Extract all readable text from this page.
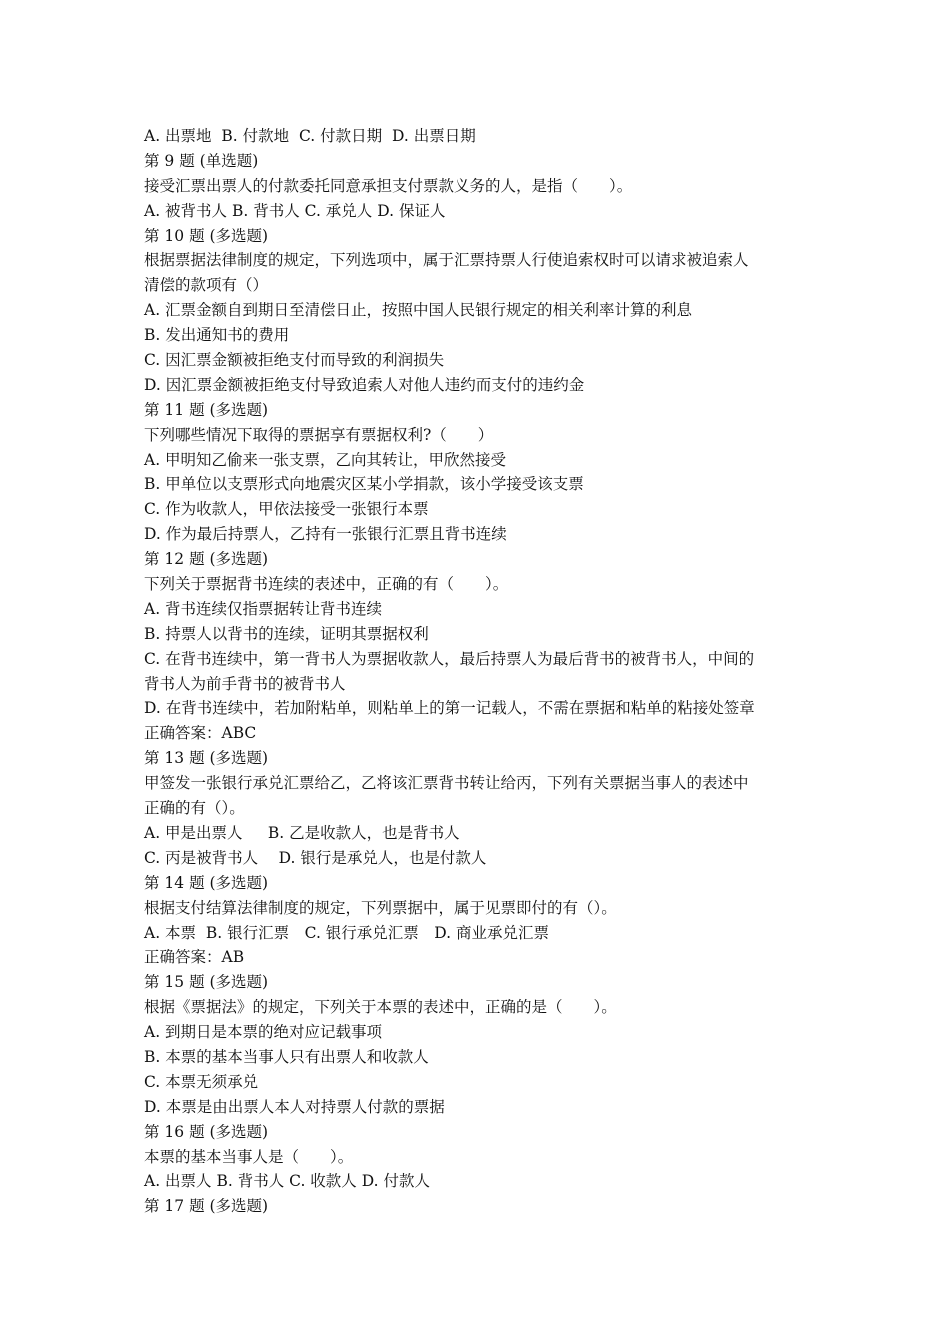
A. 出票地  B. 付款地  C. 付款日期  D. 出票日期
第 9 题 (单选题)
接受汇票出票人的付款委托同意承担支付票款义务的人，是指（　　）。
A. 被背书人 B. 背书人 C. 承兑人 D. 保证人
第 10 题 (多选题)
根据票据法律制度的规定，下列选项中，属于汇票持票人行使追索权时可以请求被追索人
清偿的款项有（）
A. 汇票金额自到期日至清偿日止，按照中国人民银行规定的相关利率计算的利息
B. 发出通知书的费用
C. 因汇票金额被拒绝支付而导致的利润损失
D. 因汇票金额被拒绝支付导致追索人对他人违约而支付的违约金
第 11 题 (多选题)
下列哪些情况下取得的票据享有票据权利?（　　）
A. 甲明知乙偷来一张支票，乙向其转让，甲欣然接受
B. 甲单位以支票形式向地震灾区某小学捐款，该小学接受该支票
C. 作为收款人，甲依法接受一张银行本票
D. 作为最后持票人，乙持有一张银行汇票且背书连续
第 12 题 (多选题)
下列关于票据背书连续的表述中，正确的有（　　）。
A. 背书连续仅指票据转让背书连续
B. 持票人以背书的连续，证明其票据权利
C. 在背书连续中，第一背书人为票据收款人，最后持票人为最后背书的被背书人，中间的
背书人为前手背书的被背书人
D. 在背书连续中，若加附粘单，则粘单上的第一记载人，不需在票据和粘单的粘接处签章
正确答案：ABC
第 13 题 (多选题)
甲签发一张银行承兑汇票给乙，乙将该汇票背书转让给丙，下列有关票据当事人的表述中
正确的有（）。
A. 甲是出票人　  B. 乙是收款人，也是背书人
C. 丙是被背书人　 D. 银行是承兑人，也是付款人
第 14 题 (多选题)
根据支付结算法律制度的规定，下列票据中，属于见票即付的有（）。
A. 本票  B. 银行汇票　C. 银行承兑汇票　D. 商业承兑汇票
正确答案：AB
第 15 题 (多选题)
根据《票据法》的规定，下列关于本票的表述中，正确的是（　　）。
A. 到期日是本票的绝对应记载事项
B. 本票的基本当事人只有出票人和收款人
C. 本票无须承兑
D. 本票是由出票人本人对持票人付款的票据
第 16 题 (多选题)
本票的基本当事人是（　　）。
A. 出票人 B. 背书人 C. 收款人 D. 付款人
第 17 题 (多选题)
